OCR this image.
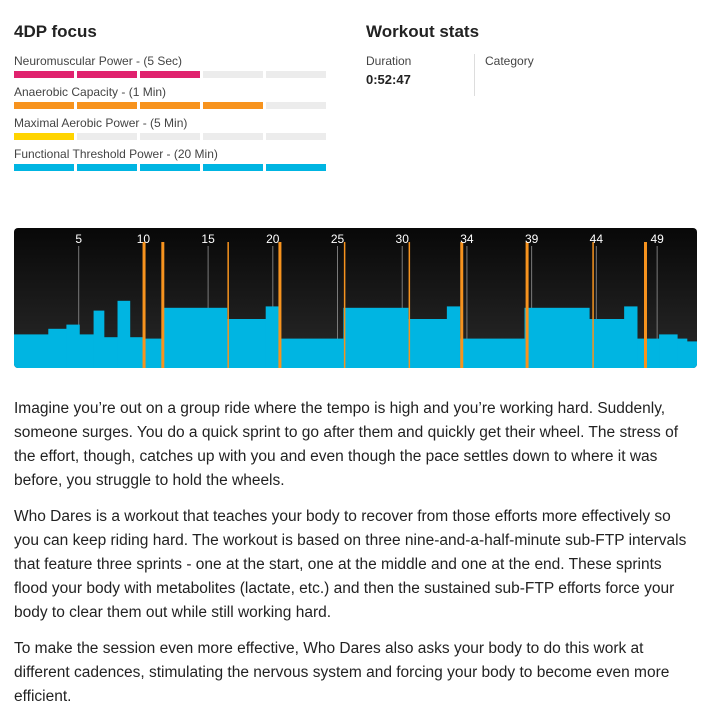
4DP focus
Neuromuscular Power - (5 Sec)
Anaerobic Capacity - (1 Min)
Maximal Aerobic Power - (5 Min)
Functional Threshold Power - (20 Min)
Workout stats
Duration
0:52:47
Category
5	10	15	20	25	30	34	39	44	49

Imagine you’re out on a group ride where the tempo is high and you’re working hard. Suddenly, someone surges. You do a quick sprint to go after them and quickly get their wheel. The stress of the effort, though, catches up with you and even though the pace settles down to where it was before, you struggle to hold the wheels.

Who Dares is a workout that teaches your body to recover from those efforts more effectively so you can keep riding hard. The workout is based on three nine-and-a-half-minute sub-FTP intervals that feature three sprints - one at the start, one at the middle and one at the end. These sprints flood your body with metabolites (lactate, etc.) and then the sustained sub-FTP efforts force your body to clear them out while still working hard.

To make the session even more effective, Who Dares also asks your body to do this work at different cadences, stimulating the nervous system and forcing your body to become even more efficient.
